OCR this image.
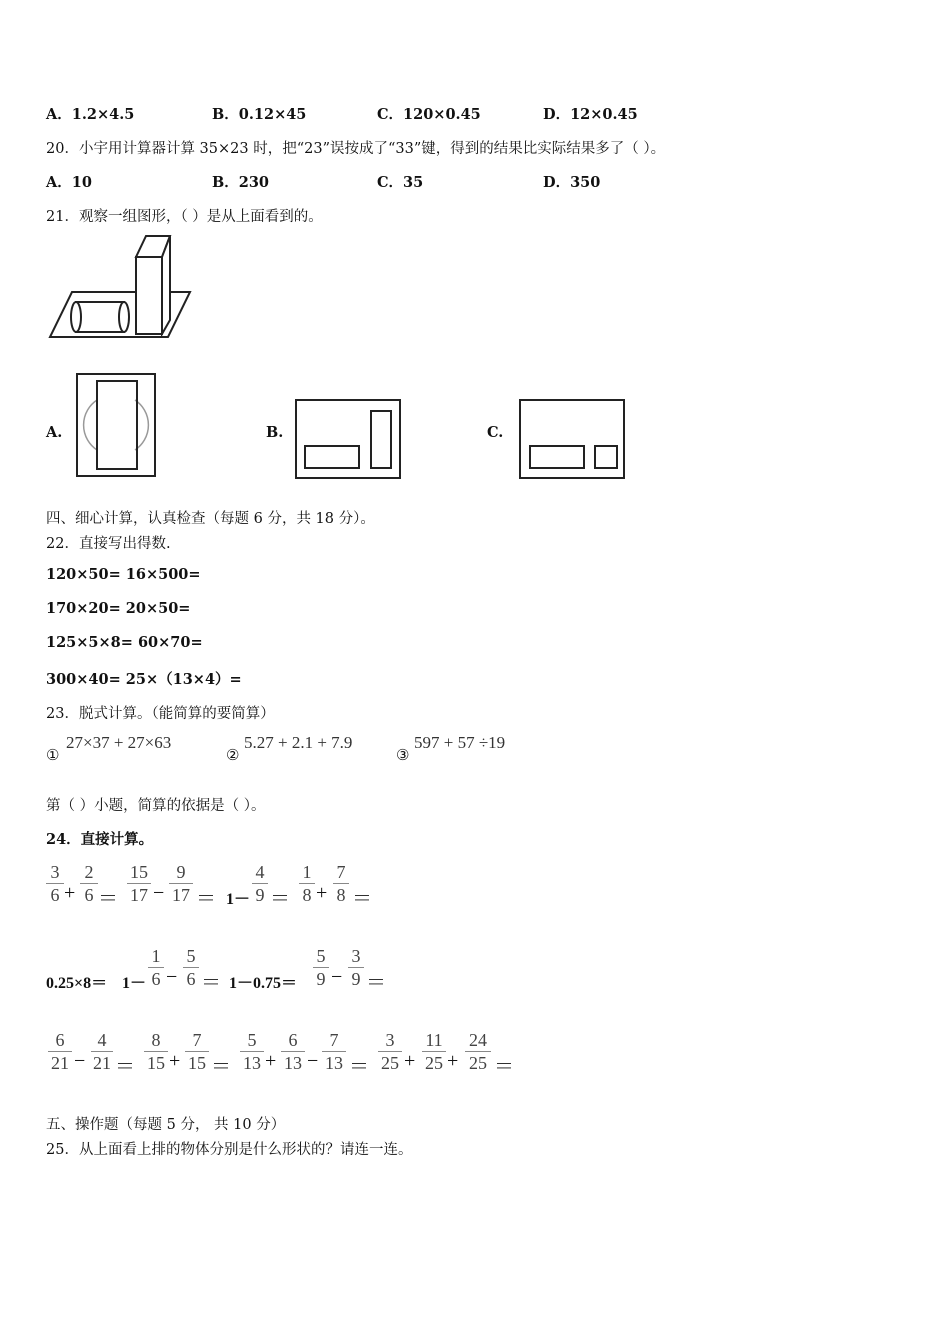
A．1.2×4.5	B．0.12×45	C．120×0.45	D．12×0.45
20．小宇用计算器计算 35×23 时，把“23”误按成了“33”键，得到的结果比实际结果多了（ ）。
A．10	B．230	C．35	D．350
21．观察一组图形，（ ）是从上面看到的。
A.	B.	C.
四、细心计算，认真检查（每题 6 分，共 18 分）。
22．直接写出得数.
120×50= 16×500=
170×20= 20×50=
125×5×8= 60×70=
300×40= 25×（13×4）=
23．脱式计算。（能简算的要简算）
①
27×37 + 27×63
②
5.27 + 2.1 + 7.9
③
597 + 57 ÷19
第（ ）小题，简算的依据是（ ）。
24．直接计算。
3
6 +
2
6 ＝
15
17 −
9
17 ＝ 1－
4
9 ＝
1
8 +
7
8 ＝
0.25×8＝ 1－
1
6 −
5
6 ＝ 1－0.75＝
5
9 −
3
9 ＝
6
21 −
4
21 ＝
8
15 +
7
15 ＝
5
13 +
6
13 −
7
13 ＝
3
25 +
11
25 +
24
25 ＝
五、操作题（每题 5 分， 共 10 分）
25．从上面看上排的物体分别是什么形状的？请连一连。
